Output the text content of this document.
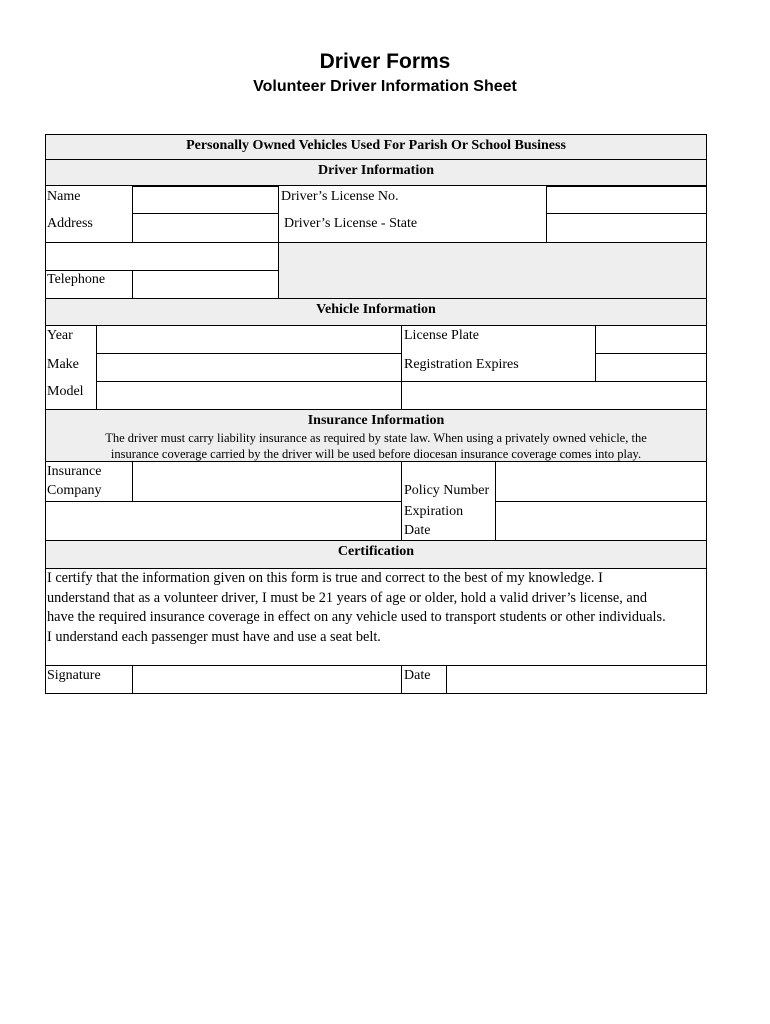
Driver Forms
Volunteer Driver Information Sheet
Personally Owned Vehicles Used For Parish Or School Business
Driver Information
Name	Driver’s License No.
Address	Driver’s License - State
Telephone
Vehicle Information
Year	License Plate
Make	Registration Expires
Model
Insurance Information
The driver must carry liability insurance as required by state law. When using a privately owned vehicle, the
insurance coverage carried by the driver will be used before diocesan insurance coverage comes into play.
Insurance
Company	Policy Number
Expiration
Date
Certification
I certify that the information given on this form is true and correct to the best of my knowledge. I
understand that as a volunteer driver, I must be 21 years of age or older, hold a valid driver’s license, and
have the required insurance coverage in effect on any vehicle used to transport students or other individuals.
I understand each passenger must have and use a seat belt.
Signature	Date
